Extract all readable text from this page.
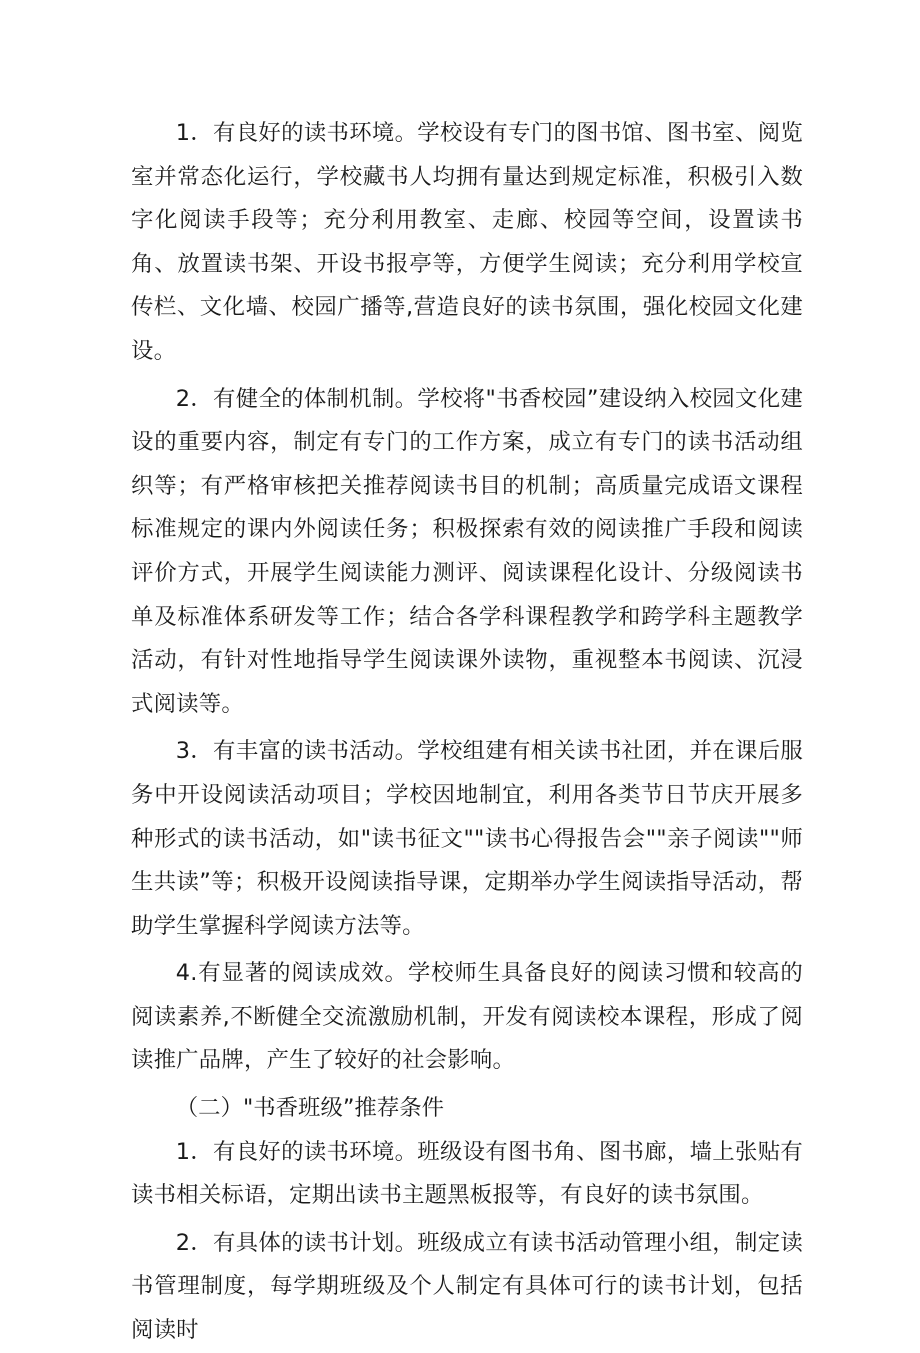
1．有良好的读书环境。学校设有专门的图书馆、图书室、阅览室并常态化运行，学校藏书人均拥有量达到规定标准，积极引入数字化阅读手段等；充分利用教室、走廊、校园等空间，设置读书角、放置读书架、开设书报亭等，方便学生阅读；充分利用学校宣传栏、文化墙、校园广播等,营造良好的读书氛围，强化校园文化建设。

2．有健全的体制机制。学校将"书香校园”建设纳入校园文化建设的重要内容，制定有专门的工作方案，成立有专门的读书活动组织等；有严格审核把关推荐阅读书目的机制；高质量完成语文课程标准规定的课内外阅读任务；积极探索有效的阅读推广手段和阅读评价方式，开展学生阅读能力测评、阅读课程化设计、分级阅读书单及标准体系研发等工作；结合各学科课程教学和跨学科主题教学活动，有针对性地指导学生阅读课外读物，重视整本书阅读、沉浸式阅读等。

3．有丰富的读书活动。学校组建有相关读书社团，并在课后服务中开设阅读活动项目；学校因地制宜，利用各类节日节庆开展多种形式的读书活动，如"读书征文""读书心得报告会""亲子阅读""师生共读”等；积极开设阅读指导课，定期举办学生阅读指导活动，帮助学生掌握科学阅读方法等。

4.有显著的阅读成效。学校师生具备良好的阅读习惯和较高的阅读素养,不断健全交流激励机制，开发有阅读校本课程，形成了阅读推广品牌，产生了较好的社会影响。

（二）"书香班级”推荐条件

1．有良好的读书环境。班级设有图书角、图书廊，墙上张贴有读书相关标语，定期出读书主题黑板报等，有良好的读书氛围。

2．有具体的读书计划。班级成立有读书活动管理小组，制定读书管理制度，每学期班级及个人制定有具体可行的读书计划，包括阅读时
